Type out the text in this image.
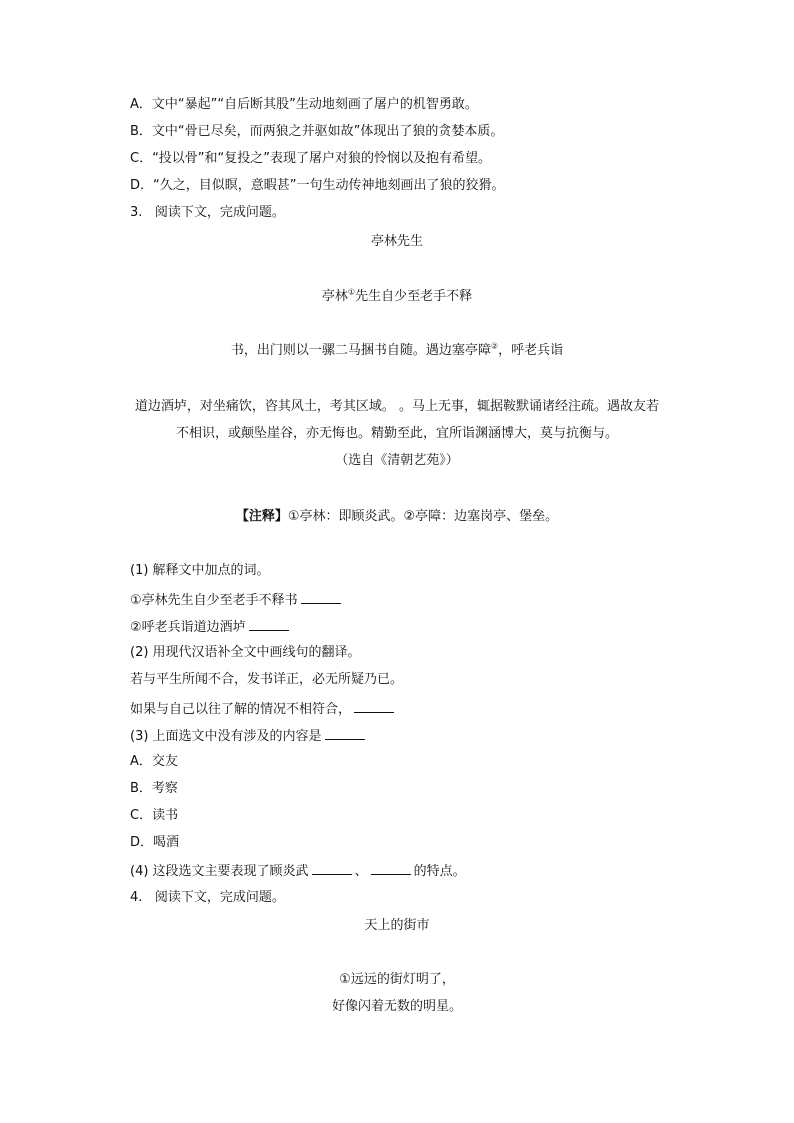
A．文中“暴起”“自后断其股”生动地刻画了屠户的机智勇敢。
B．文中“骨已尽矣，而两狼之并驱如故”体现出了狼的贪婪本质。
C．“投以骨”和“复投之”表现了屠户对狼的怜悯以及抱有希望。
D．“久之，目似瞑，意暇甚”一句生动传神地刻画出了狼的狡猾。
3. 阅读下文，完成问题。
亭林先生
亭林①先生自少至老手不释
书，出门则以一骡二马捆书自随。遇边塞亭障②，呼老兵诣
道边酒垆，对坐痛饮，咨其风土，考其区域。 。马上无事，辄据鞍默诵诸经注疏。遇故友若
不相识，或颠坠崖谷，亦无悔也。精勤至此，宜所诣渊涵博大，莫与抗衡与。
（选自《清朝艺苑》）
【注释】①亭林：即顾炎武。②亭障：边塞岗亭、堡垒。
(1) 解释文中加点的词。
①亭林先生自少至老手不释书
②呼老兵诣道边酒垆
(2) 用现代汉语补全文中画线句的翻译。
若与平生所闻不合，发书详正，必无所疑乃已。
如果与自己以往了解的情况不相符合，
(3) 上面选文中没有涉及的内容是
A．交友
B．考察
C．读书
D．喝酒
(4) 这段选文主要表现了顾炎武	、	的特点。
4. 阅读下文，完成问题。
天上的街市
①远远的街灯明了，
好像闪着无数的明星。
